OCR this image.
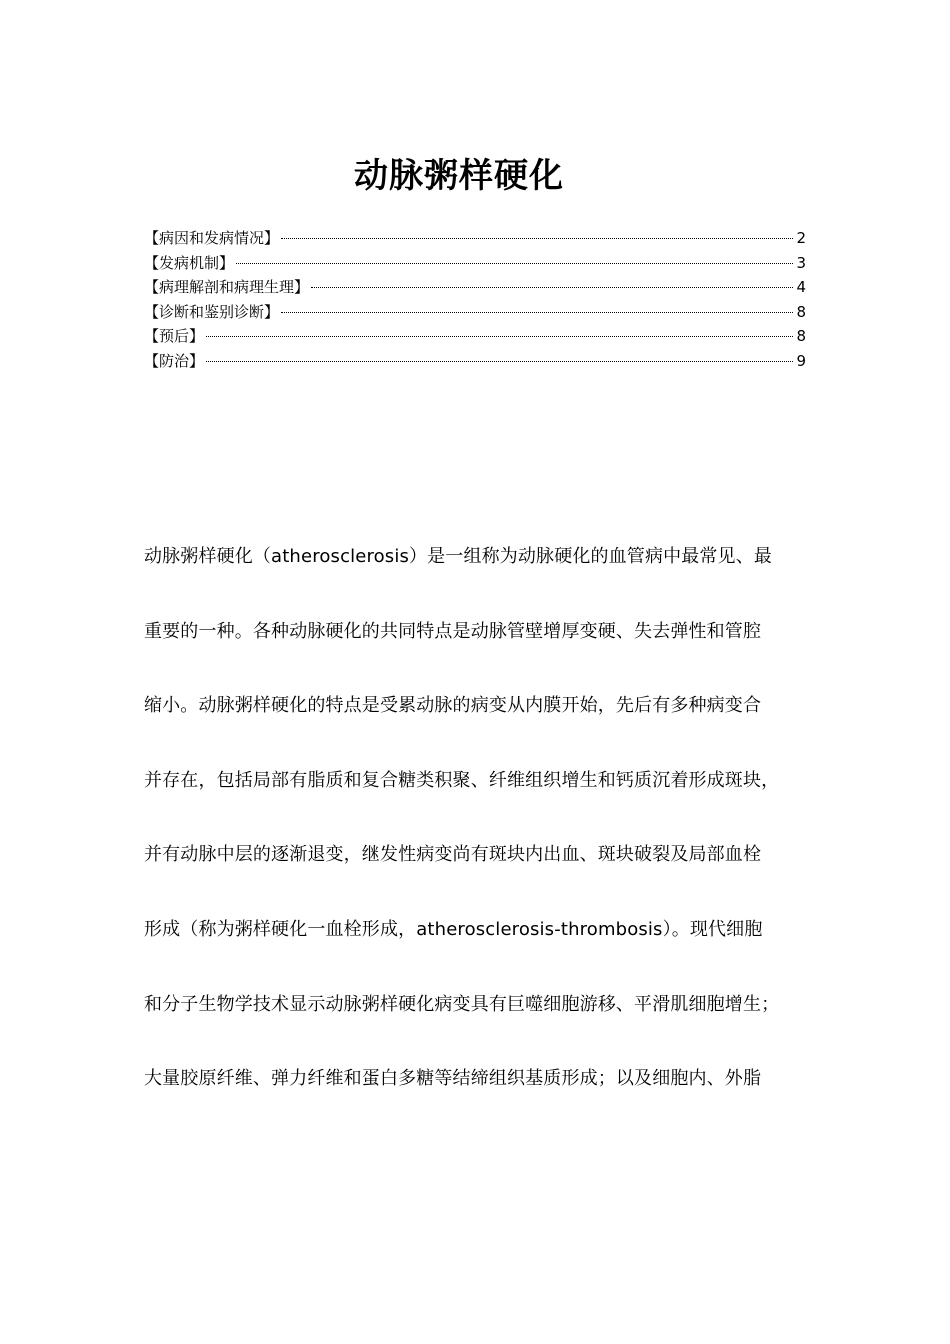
动脉粥样硬化
【病因和发病情况】	2
【发病机制】	3
【病理解剖和病理生理】	4
【诊断和鉴别诊断】	8
【预后】	8
【防治】	9
动脉粥样硬化（atherosclerosis）是一组称为动脉硬化的血管病中最常见、最
重要的一种。各种动脉硬化的共同特点是动脉管壁增厚变硬、失去弹性和管腔
缩小。动脉粥样硬化的特点是受累动脉的病变从内膜开始，先后有多种病变合
并存在，包括局部有脂质和复合糖类积聚、纤维组织增生和钙质沉着形成斑块，
并有动脉中层的逐渐退变，继发性病变尚有斑块内出血、斑块破裂及局部血栓
形成（称为粥样硬化一血栓形成，atherosclerosis-thrombosis）。现代细胞
和分子生物学技术显示动脉粥样硬化病变具有巨噬细胞游移、平滑肌细胞增生；
大量胶原纤维、弹力纤维和蛋白多糖等结缔组织基质形成；以及细胞内、外脂
